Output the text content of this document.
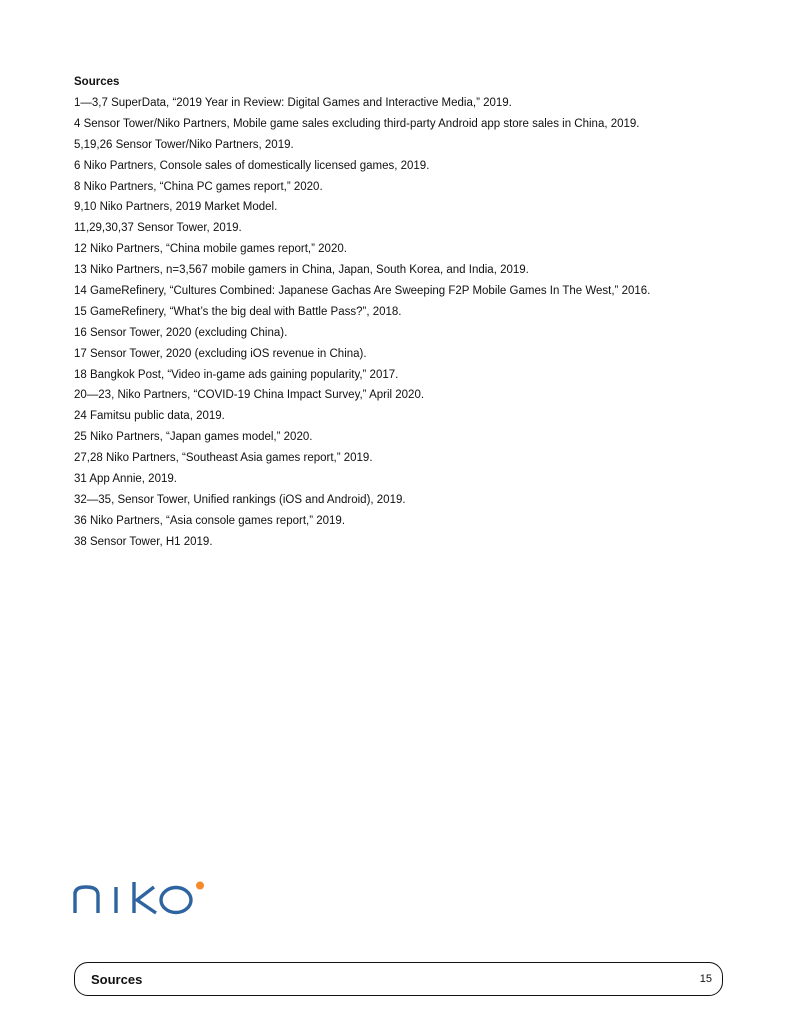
Sources
1—3,7 SuperData, “2019 Year in Review: Digital Games and Interactive Media,” 2019.
4 Sensor Tower/Niko Partners, Mobile game sales excluding third-party Android app store sales in China, 2019.
5,19,26 Sensor Tower/Niko Partners, 2019.
6 Niko Partners, Console sales of domestically licensed games, 2019.
8 Niko Partners, “China PC games report,” 2020.
9,10 Niko Partners, 2019 Market Model.
11,29,30,37 Sensor Tower, 2019.
12 Niko Partners, “China mobile games report,” 2020.
13 Niko Partners, n=3,567 mobile gamers in China, Japan, South Korea, and India, 2019.
14 GameRefinery, “Cultures Combined: Japanese Gachas Are Sweeping F2P Mobile Games In The West,” 2016.
15 GameRefinery, “What’s the big deal with Battle Pass?”, 2018.
16 Sensor Tower, 2020 (excluding China).
17 Sensor Tower, 2020 (excluding iOS revenue in China).
18 Bangkok Post, “Video in-game ads gaining popularity,” 2017.
20—23, Niko Partners, “COVID-19 China Impact Survey,” April 2020.
24 Famitsu public data, 2019.
25 Niko Partners, “Japan games model,” 2020.
27,28 Niko Partners, “Southeast Asia games report,” 2019.
31 App Annie, 2019.
32—35, Sensor Tower, Unified rankings (iOS and Android), 2019.
36 Niko Partners, “Asia console games report,” 2019.
38 Sensor Tower, H1 2019.
Sources	15
